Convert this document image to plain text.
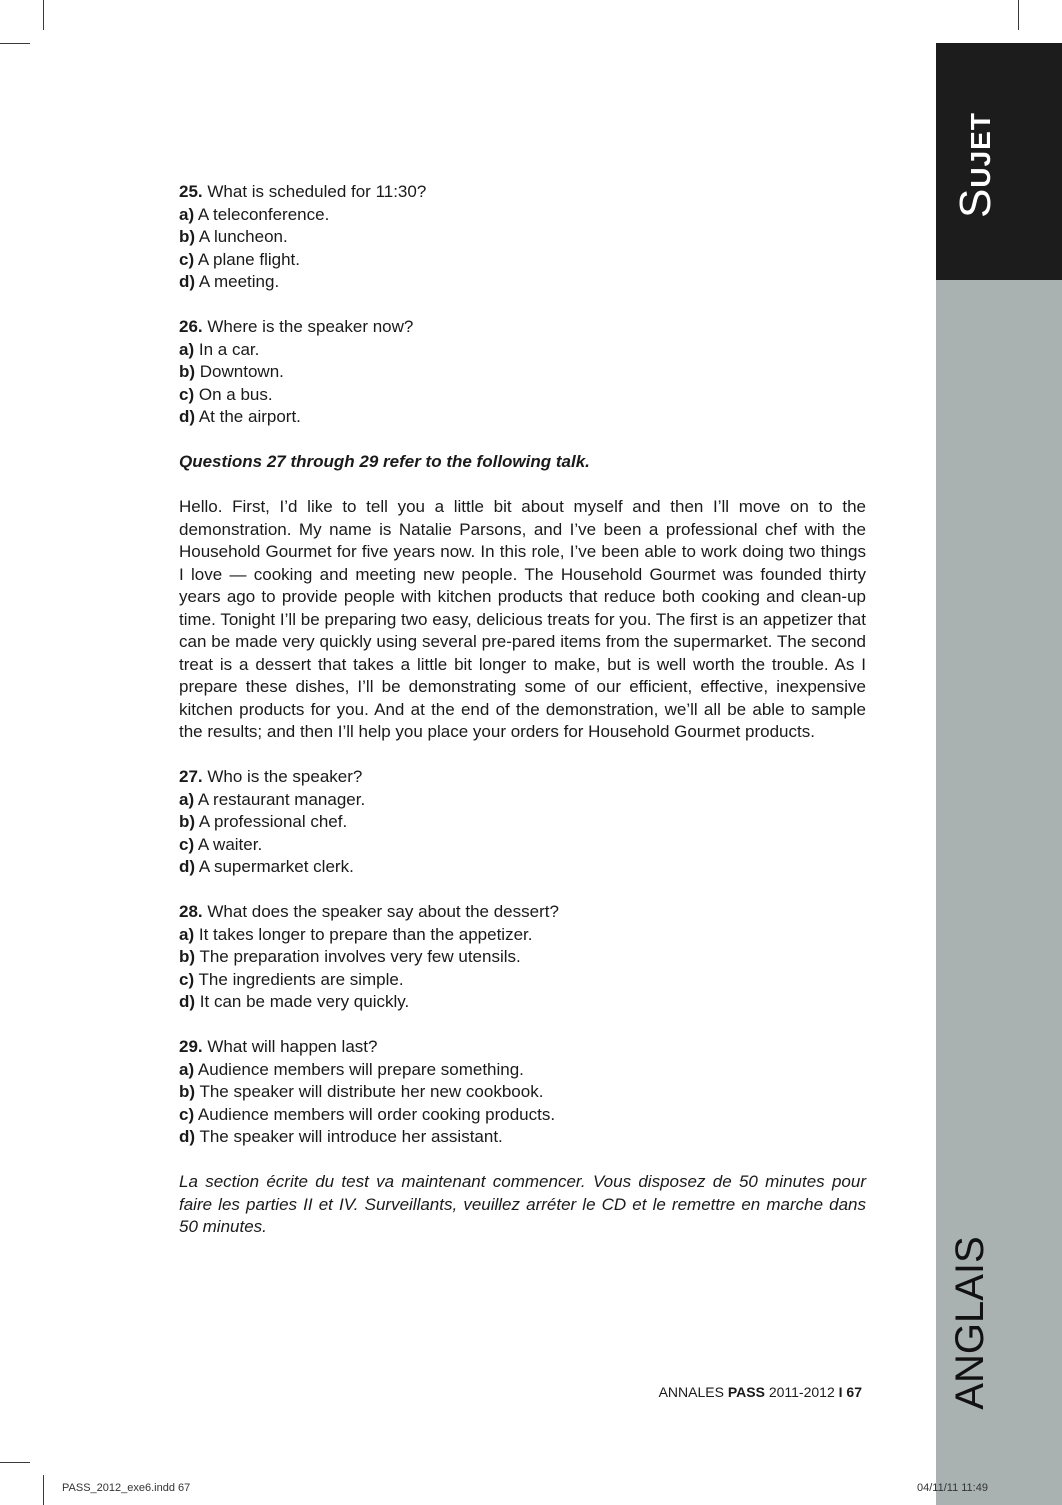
SUJET
ANGLAIS

25. What is scheduled for 11:30?

a) A teleconference.

b) A luncheon.

c) A plane flight.

d) A meeting.

26. Where is the speaker now?

a) In a car.

b) Downtown.

c) On a bus.

d) At the airport.

Questions 27 through 29 refer to the following talk.

Hello. First, I’d like to tell you a little bit about myself and then I’ll move on to the demonstration. My name is Natalie Parsons, and I’ve been a professional chef with the Household Gourmet for five years now. In this role, I’ve been able to work doing two things I love — cooking and meeting new people. The Household Gourmet was founded thirty years ago to provide people with kitchen products that reduce both cooking and clean-up time. Tonight I’ll be preparing two easy, delicious treats for you. The first is an appetizer that can be made very quickly using several pre-pared items from the supermarket. The second treat is a dessert that takes a little bit longer to make, but is well worth the trouble. As I prepare these dishes, I’ll be demonstrating some of our efficient, effective, inexpensive kitchen products for you. And at the end of the demonstration, we’ll all be able to sample the results; and then I’ll help you place your orders for Household Gourmet products.

27. Who is the speaker?

a) A restaurant manager.

b) A professional chef.

c) A waiter.

d) A supermarket clerk.

28. What does the speaker say about the dessert?

a) It takes longer to prepare than the appetizer.

b) The preparation involves very few utensils.

c) The ingredients are simple.

d) It can be made very quickly.

29. What will happen last?

a) Audience members will prepare something.

b) The speaker will distribute her new cookbook.

c) Audience members will order cooking products.

d) The speaker will introduce her assistant.

La section écrite du test va maintenant commencer. Vous disposez de 50 minutes pour faire les parties II et IV. Surveillants, veuillez arréter le CD et le remettre en marche dans 50 minutes.

ANNALES PASS 2011-2012 I 67
PASS_2012_exe6.indd 67	04/11/11 11:49
